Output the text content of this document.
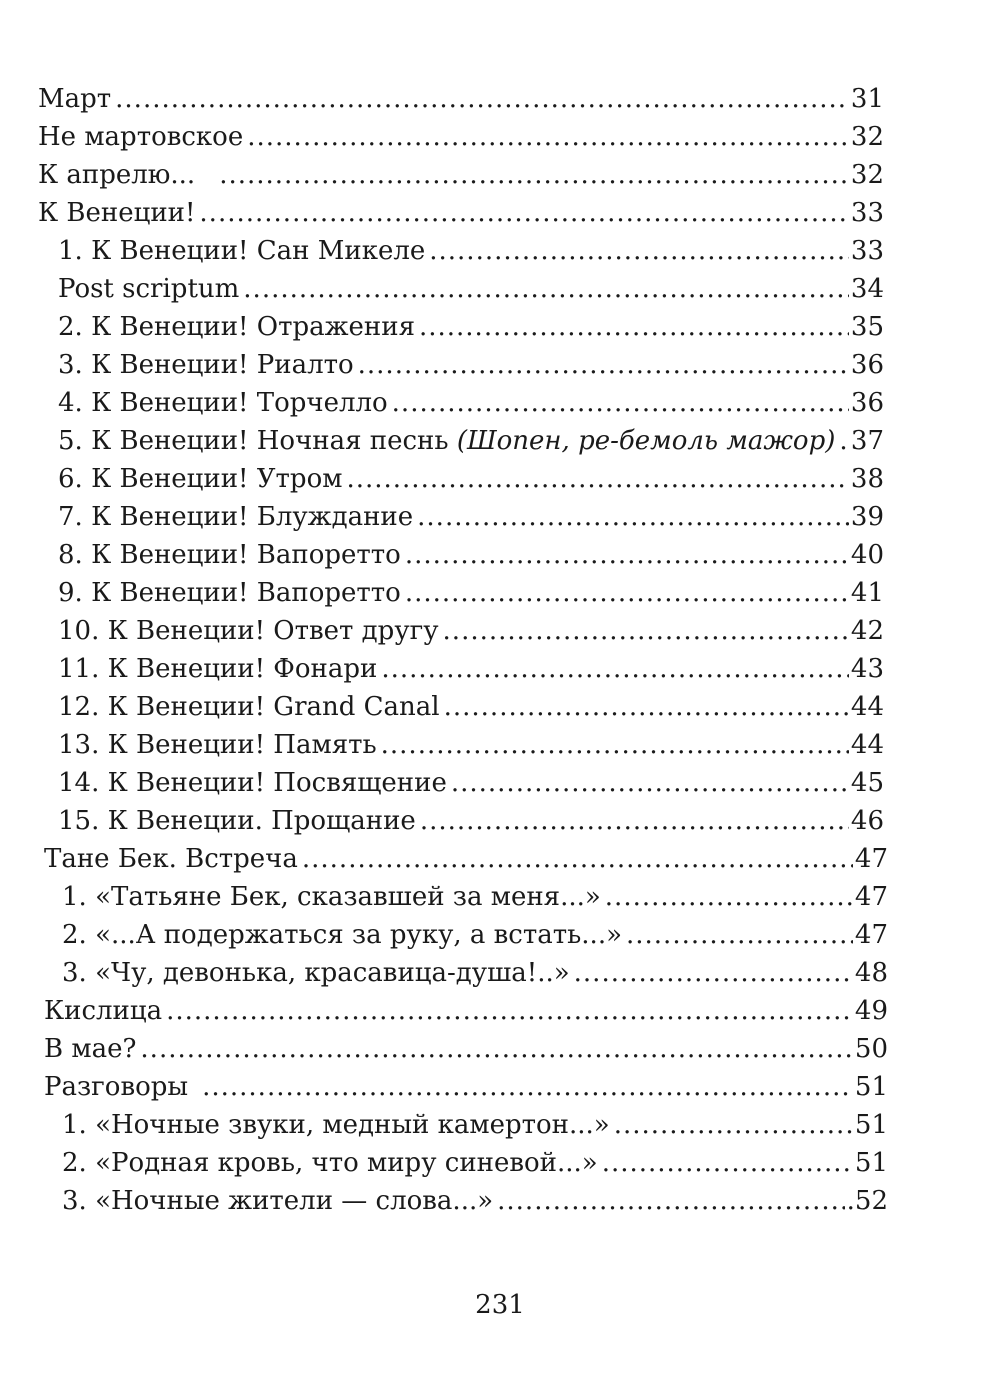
Март .....	31
Не мартовское .....	32
К апрелю... .....	32
К Венеции! .....	33
1. К Венеции! Сан Микеле .....	33
Post scriptum .....	34
2. К Венеции! Отражения .....	35
3. К Венеции! Риалто .....	36
4. К Венеции! Торчелло .....	36
5. К Венеции! Ночная песнь (Шопен, ре-бемоль мажор) ..... 37
6. К Венеции! Утром .....	38
7. К Венеции! Блуждание .....	39
8. К Венеции! Вапоретто .....	40
9. К Венеции! Вапоретто .....	41
10. К Венеции! Ответ другу .....	42
11. К Венеции! Фонари .....	43
12. К Венеции! Grand Canal .....	44
13. К Венеции! Память .....	44
14. К Венеции! Посвящение .....	45
15. К Венеции. Прощание .....	46
Тане Бек. Встреча .....	47
1. «Татьяне Бек, сказавшей за меня...» .....	47
2. «...А подержаться за руку, а встать...» .....	47
3. «Чу, девонька, красавица-душа!..» .....	48
Кислица .....	49
В мае? .....	50
Разговоры .....	51
1. «Ночные звуки, медный камертон...» .....	51
2. «Родная кровь, что миру синевой...» .....	51
3. «Ночные жители — слова...» .....	.52
231
